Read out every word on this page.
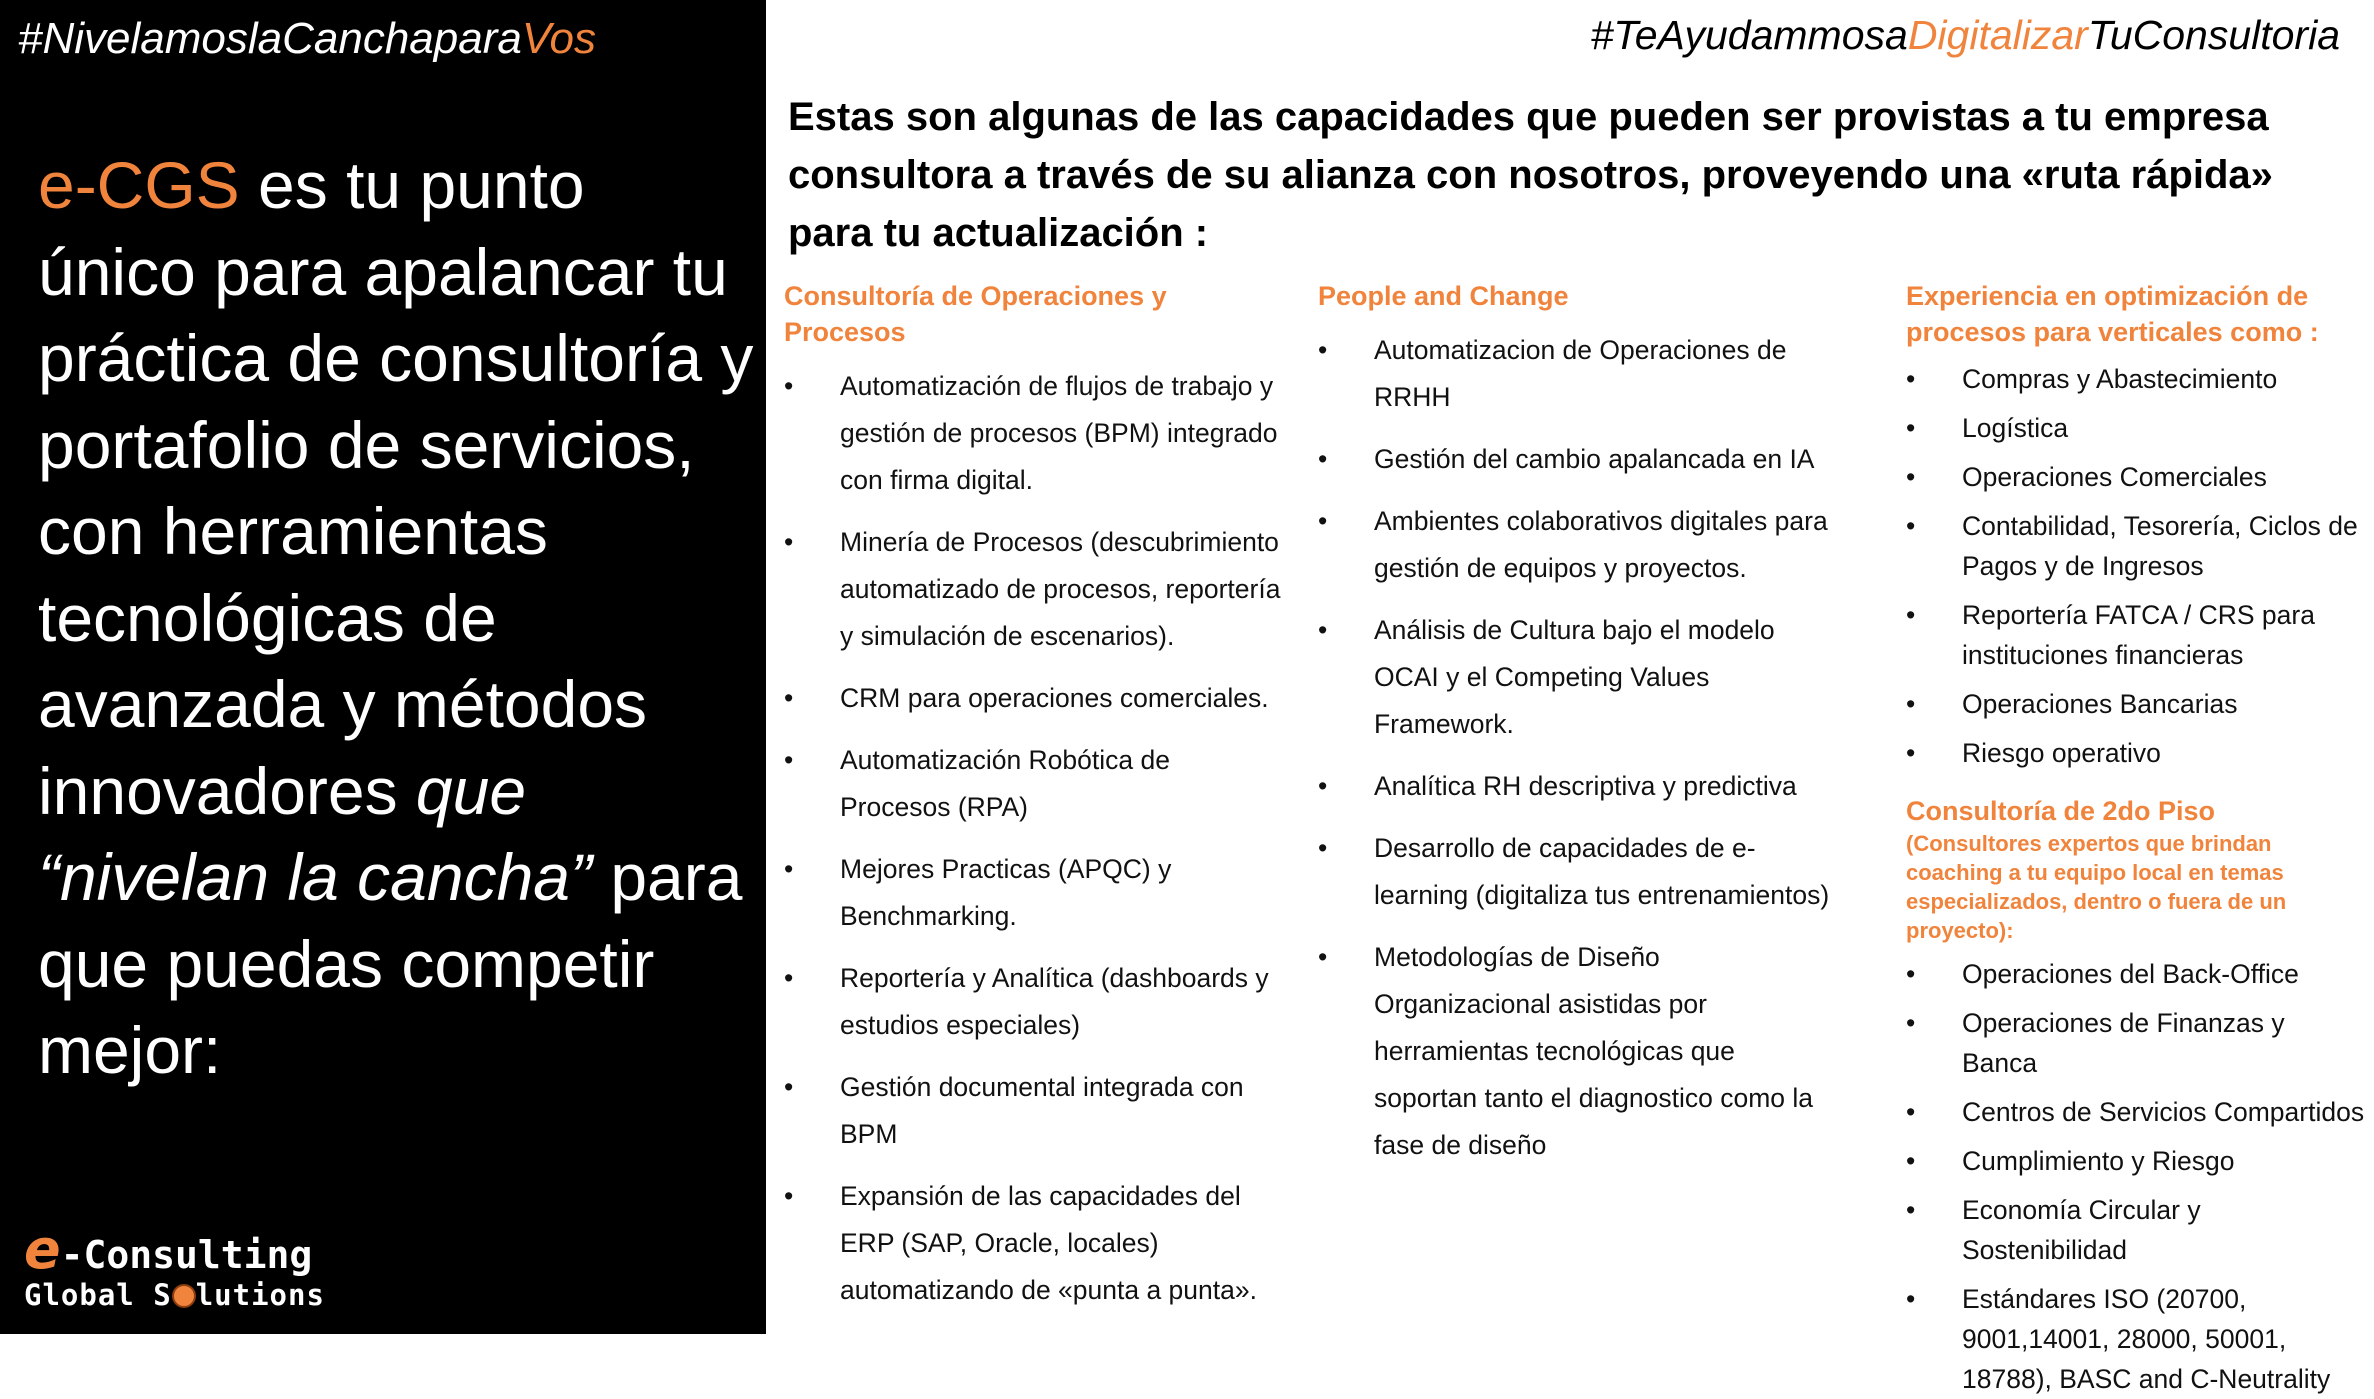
#NivelamoslaCanchaparaVos
e-CGS es tu punto único para apalancar tu práctica de consultoría y portafolio de servicios, con herramientas tecnológicas de avanzada y métodos innovadores que “nivelan la cancha” para que puedas competir mejor:
e-Consulting
Global S lutions
#TeAyudammosaDigitalizarTuConsultoria
Estas son algunas de las capacidades que pueden ser provistas a tu empresa consultora a través de su alianza con nosotros, proveyendo una «ruta rápida» para tu actualización :
Consultoría de Operaciones y Procesos
• Automatización de flujos de trabajo y gestión de procesos (BPM) integrado con firma digital.
• Minería de Procesos (descubrimiento automatizado de procesos, reportería y simulación de escenarios).
• CRM para operaciones comerciales.
• Automatización Robótica de Procesos (RPA)
• Mejores Practicas (APQC) y Benchmarking.
• Reportería y Analítica (dashboards y estudios especiales)
• Gestión documental integrada con BPM
• Expansión de las capacidades del ERP (SAP, Oracle, locales) automatizando de «punta a punta».
People and Change
• Automatizacion de Operaciones de RRHH
• Gestión del cambio apalancada en IA
• Ambientes colaborativos digitales para gestión de equipos y proyectos.
• Análisis de Cultura bajo el modelo OCAI y el Competing Values Framework.
• Analítica RH descriptiva y predictiva
• Desarrollo de capacidades de e-learning (digitaliza tus entrenamientos)
• Metodologías de Diseño Organizacional asistidas por herramientas tecnológicas que soportan tanto el diagnostico como la fase de diseño
Experiencia en optimización de procesos para verticales como :
• Compras y Abastecimiento
• Logística
• Operaciones Comerciales
• Contabilidad, Tesorería, Ciclos de Pagos y de Ingresos
• Reportería FATCA / CRS para instituciones financieras
• Operaciones Bancarias
• Riesgo operativo
Consultoría de 2do Piso
(Consultores expertos que brindan coaching a tu equipo local en temas especializados, dentro o fuera de un proyecto):
• Operaciones del Back-Office
• Operaciones de Finanzas y Banca
• Centros de Servicios Compartidos
• Cumplimiento y Riesgo
• Economía Circular y Sostenibilidad
• Estándares ISO (20700, 9001,14001, 28000, 50001, 18788), BASC and C-Neutrality
